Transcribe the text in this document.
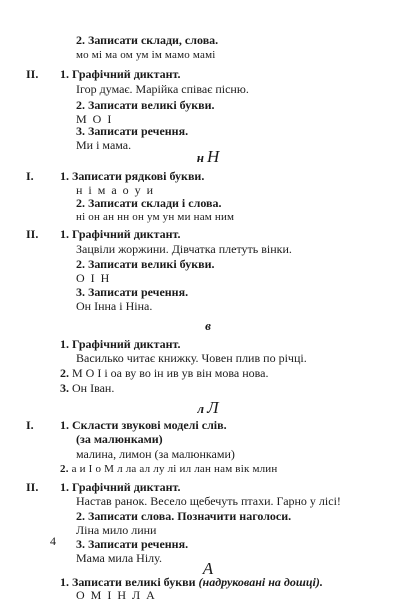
2. Записати склади, слова.
мо мі ма ом ум ім мамо мамі
II. 1. Графічний диктант.
Ігор думає. Марійка співає пісню.
2. Записати великі букви.
М О І
3. Записати речення.
Ми і мама.
н Н
I. 1. Записати рядкові букви.
н і м а о у и
2. Записати склади і слова.
ні он ан нн он ум ун ми нам ним
II. 1. Графічний диктант.
Зацвіли жоржини. Дівчатка плетуть вінки.
2. Записати великі букви.
О І Н
3. Записати речення.
Он Інна і Ніна.
в
1. Графічний диктант.
Василько читає книжку. Човен плив по річці.
2. М О І і оа ву во ін ив ув він мова нова.
3. Он Іван.
л Л
I. 1. Скласти звукові моделі слів.
(за малюнками)
малина, лимон (за малюнками)
2. а и І о М л ла ал лу лі ил лан нам вік млин
II. 1. Графічний диктант.
Настав ранок. Весело щебечуть птахи. Гарно у лісі!
2. Записати слова. Позначити наголоси.
Ліна мило лини
3. Записати речення.
Мама мила Нілу.
А
1. Записати великі букви (надруковані на дошці).
О М І Н Л А
4
